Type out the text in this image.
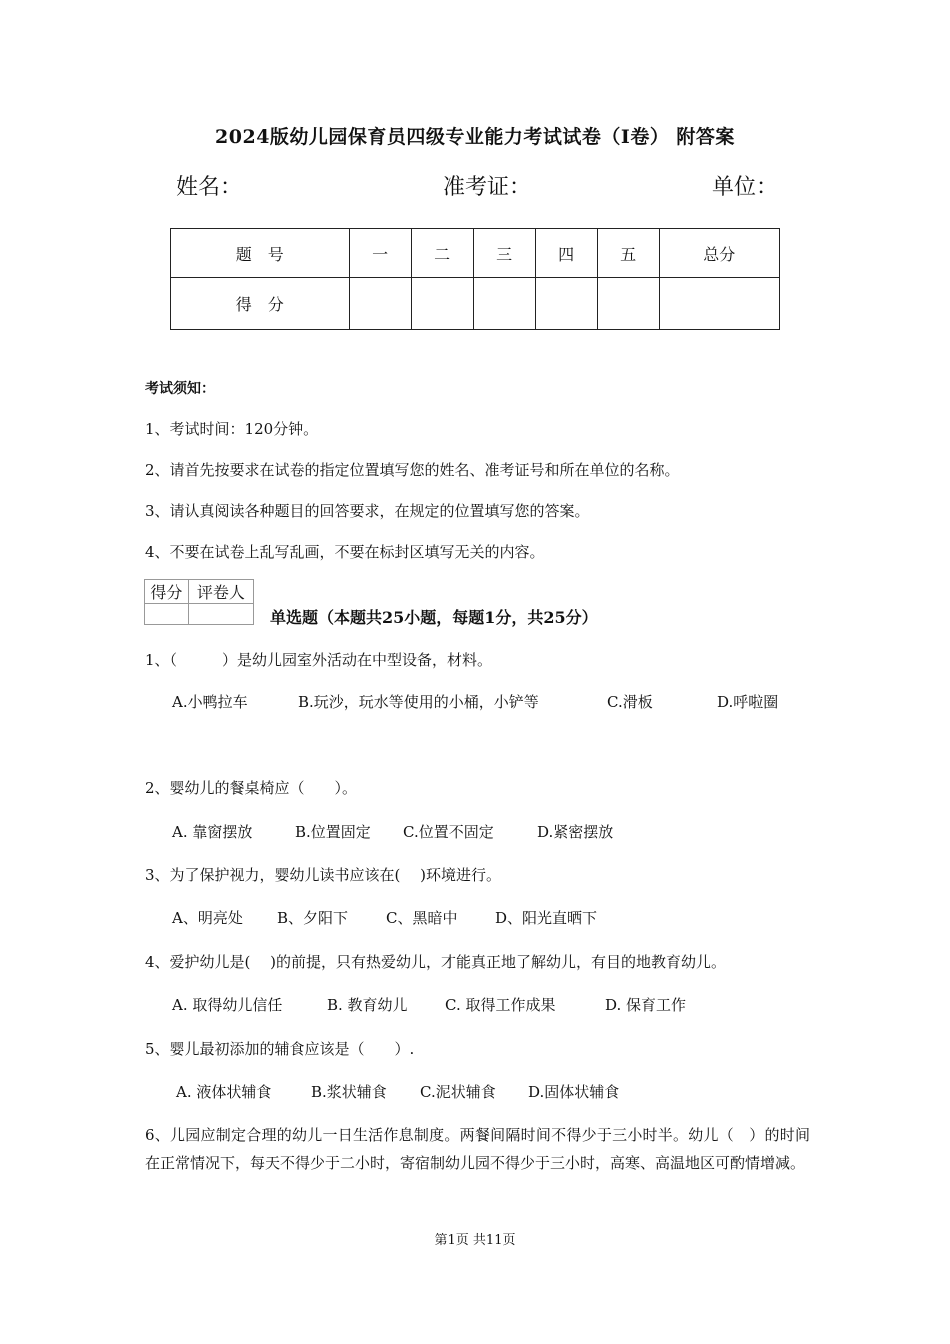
2024版幼儿园保育员四级专业能力考试试卷（I卷） 附答案
姓名：	准考证：	单位：
题　号	一	二	三	四	五	总分
得　分						
考试须知：
1、考试时间：120分钟。
2、请首先按要求在试卷的指定位置填写您的姓名、准考证号和所在单位的名称。
3、请认真阅读各种题目的回答要求，在规定的位置填写您的答案。
4、不要在试卷上乱写乱画，不要在标封区填写无关的内容。
得分	评卷人

单选题（本题共25小题，每题1分，共25分）
1、（　　　）是幼儿园室外活动在中型设备，材料。
A.小鸭拉车	B.玩沙，玩水等使用的小桶，小铲等	C.滑板	D.呼啦圈
2、婴幼儿的餐桌椅应（　　）。
A. 靠窗摆放	B.位置固定 C.位置不固定	D.紧密摆放
3、为了保护视力，婴幼儿读书应该在(　 )环境进行。
A、明亮处 B、夕阳下	C、黑暗中	D、阳光直晒下
4、爱护幼儿是(　 )的前提，只有热爱幼儿，才能真正地了解幼儿，有目的地教育幼儿。
A. 取得幼儿信任	B. 教育幼儿 C. 取得工作成果	D. 保育工作
5、婴儿最初添加的辅食应该是（　　）.
A. 液体状辅食	B.浆状辅食 C.泥状辅食 D.固体状辅食
6、儿园应制定合理的幼儿一日生活作息制度。两餐间隔时间不得少于三小时半。幼儿（　）的时间在正常情况下，每天不得少于二小时，寄宿制幼儿园不得少于三小时，高寒、高温地区可酌情增减。
第1页 共11页
